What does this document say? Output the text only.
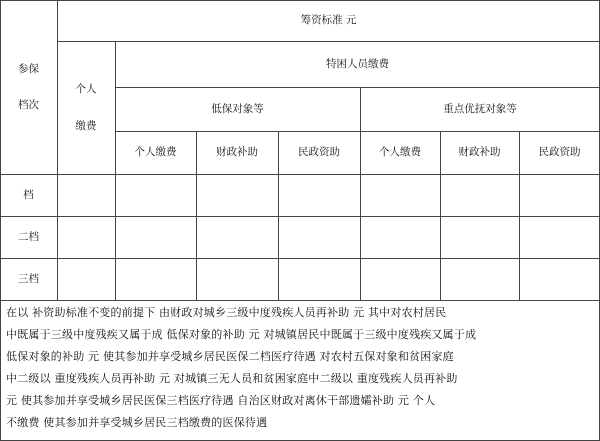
筹资标准 元
参保
档次
个人
缴费
特困人员缴费
低保对象等	重点优抚对象等
个人缴费	财政补助	民政资助	个人缴费	财政补助	民政资助
档
二档
三档
在以 补资助标准不变的前提下 由财政对城乡三级中度残疾人员再补助 元 其中对农村居民
中既属于三级中度残疾又属于成 低保对象的补助 元 对城镇居民中既属于三级中度残疾又属于成
低保对象的补助 元 使其参加并享受城乡居民医保二档医疗待遇 对农村五保对象和贫困家庭
中二级以 重度残疾人员再补助 元 对城镇三无人员和贫困家庭中二级以 重度残疾人员再补助
元 使其参加并享受城乡居民医保三档医疗待遇 自治区财政对离休干部遗孀补助 元 个人
不缴费 使其参加并享受城乡居民三档缴费的医保待遇
